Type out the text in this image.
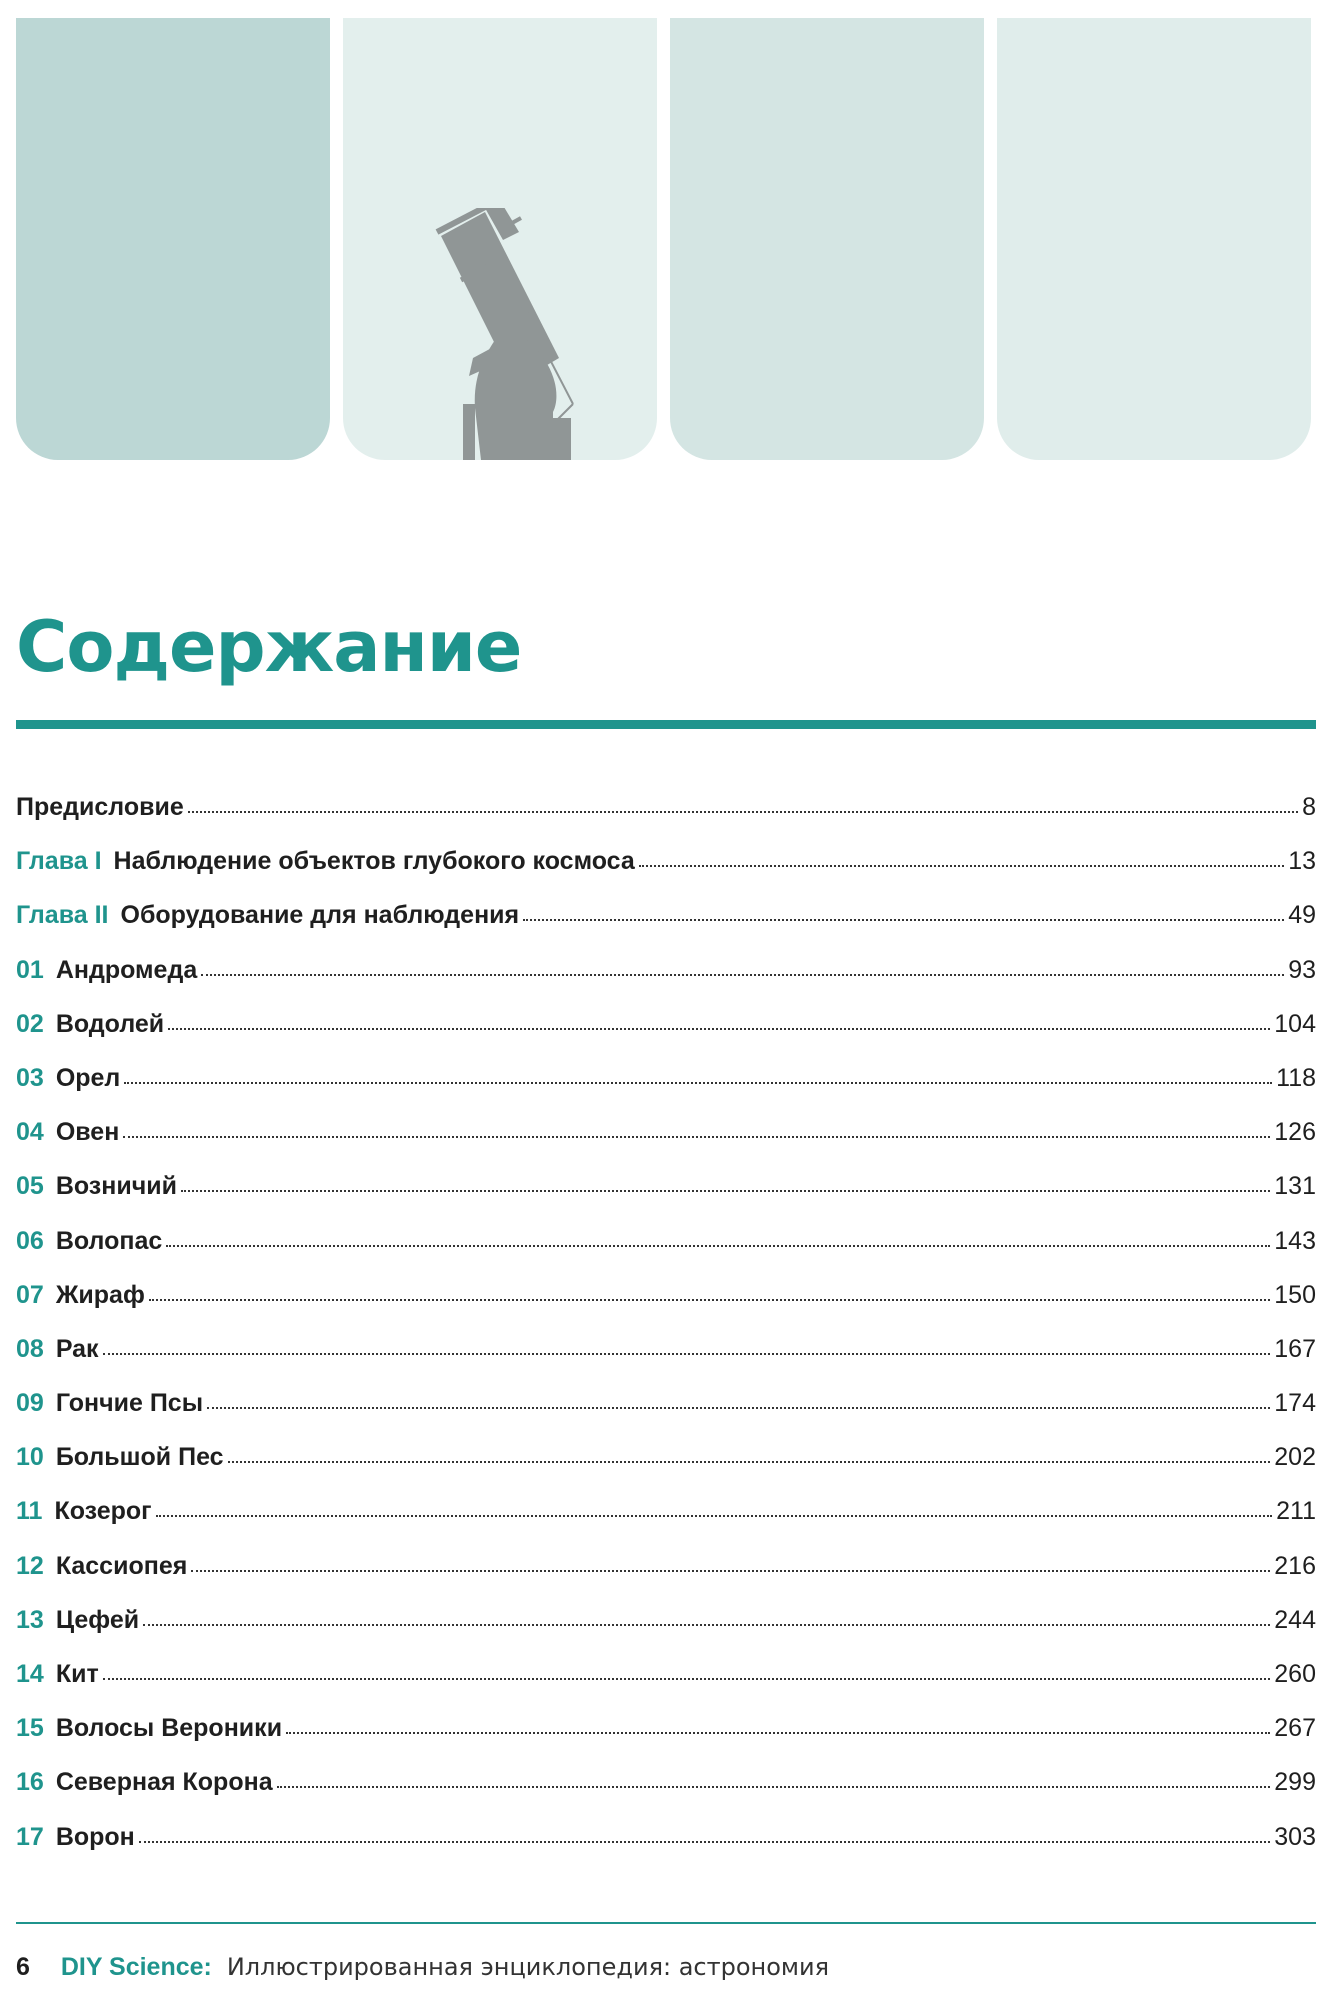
Содержание
Предисловие	8
Глава I Наблюдение объектов глубокого космоса	13
Глава II Оборудование для наблюдения	49
01 Андромеда	93
02 Водолей	104
03 Орел	118
04 Овен	126
05 Возничий	131
06 Волопас	143
07 Жираф	150
08 Рак	167
09 Гончие Псы	174
10 Большой Пес	202
11 Козерог	211
12 Кассиопея	216
13 Цефей	244
14 Кит	260
15 Волосы Вероники	267
16 Северная Корона	299
17 Ворон	303
6 DIY Science: Иллюстрированная энциклопедия: астрономия
